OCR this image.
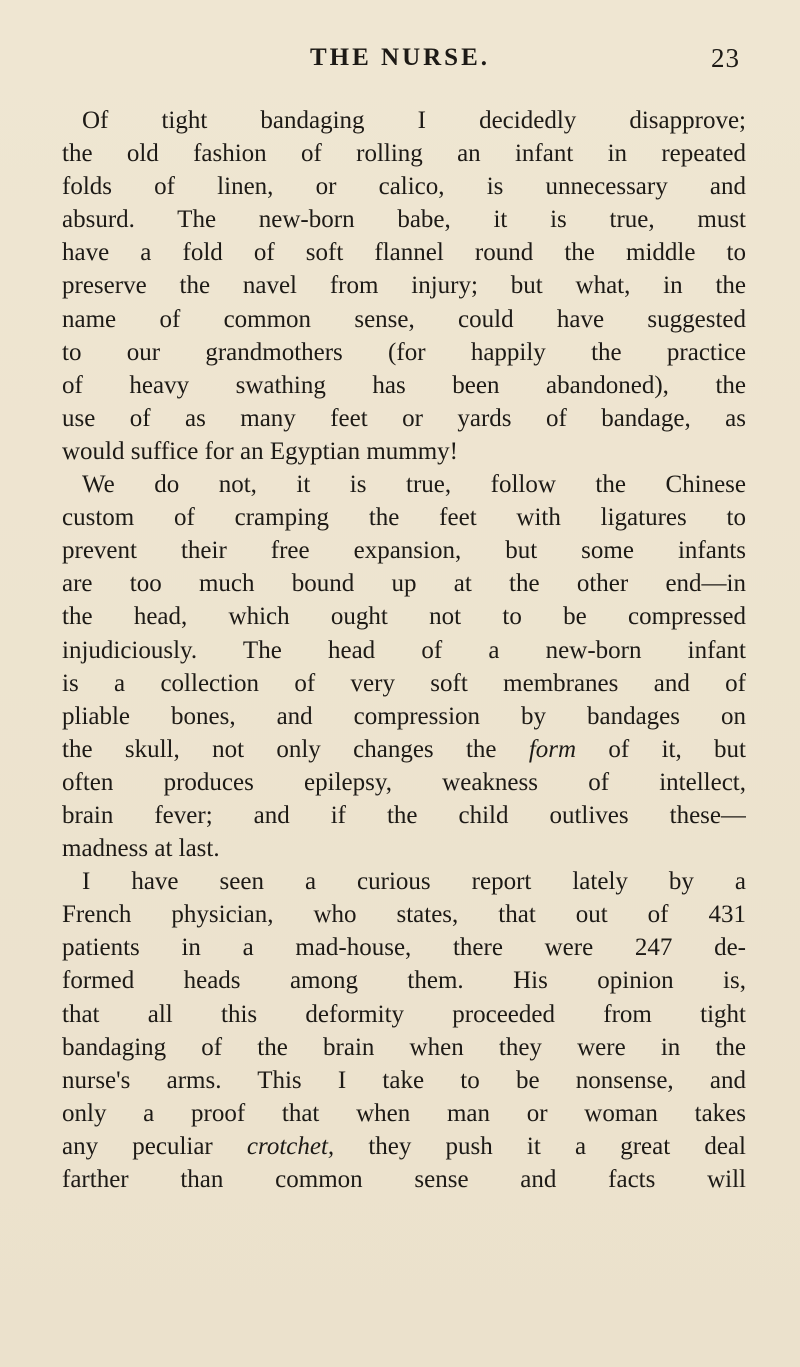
THE NURSE.	23
Of tight bandaging I decidedly disapprove;
the old fashion of rolling an infant in repeated
folds of linen, or calico, is unnecessary and
absurd. The new-born babe, it is true, must
have a fold of soft flannel round the middle to
preserve the navel from injury; but what, in the
name of common sense, could have suggested
to our grandmothers (for happily the practice
of heavy swathing has been abandoned), the
use of as many feet or yards of bandage, as
would suffice for an Egyptian mummy!
We do not, it is true, follow the Chinese
custom of cramping the feet with ligatures to
prevent their free expansion, but some infants
are too much bound up at the other end—in
the head, which ought not to be compressed
injudiciously. The head of a new-born infant
is a collection of very soft membranes and of
pliable bones, and compression by bandages on
the skull, not only changes the form of it, but
often produces epilepsy, weakness of intellect,
brain fever; and if the child outlives these—
madness at last.
I have seen a curious report lately by a
French physician, who states, that out of 431
patients in a mad-house, there were 247 de-
formed heads among them. His opinion is,
that all this deformity proceeded from tight
bandaging of the brain when they were in the
nurse's arms. This I take to be nonsense, and
only a proof that when man or woman takes
any peculiar crotchet, they push it a great deal
farther than common sense and facts will
